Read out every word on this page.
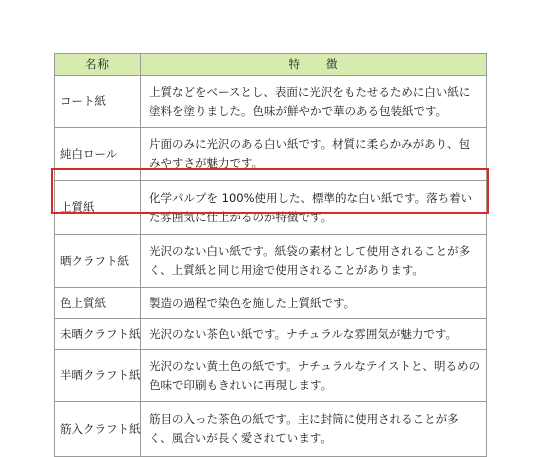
名称	特　　徴
コート紙	上質などをベースとし、表面に光沢をもたせるために白い紙に塗料を塗りました。色味が鮮やかで華のある包装紙です。
純白ロール	片面のみに光沢のある白い紙です。材質に柔らかみがあり、包みやすさが魅力です。
上質紙	化学パルプを 100%使用した、標準的な白い紙です。落ち着いた雰囲気に仕上がるのが特徴です。
晒クラフト紙	光沢のない白い紙です。紙袋の素材として使用されることが多く、上質紙と同じ用途で使用されることがあります。
色上質紙	製造の過程で染色を施した上質紙です。
未晒クラフト紙	光沢のない茶色い紙です。ナチュラルな雰囲気が魅力です。
半晒クラフト紙	光沢のない黄土色の紙です。ナチュラルなテイストと、明るめの色味で印刷もきれいに再現します。
筋入クラフト紙	筋目の入った茶色の紙です。主に封筒に使用されることが多く、風合いが長く愛されています。
